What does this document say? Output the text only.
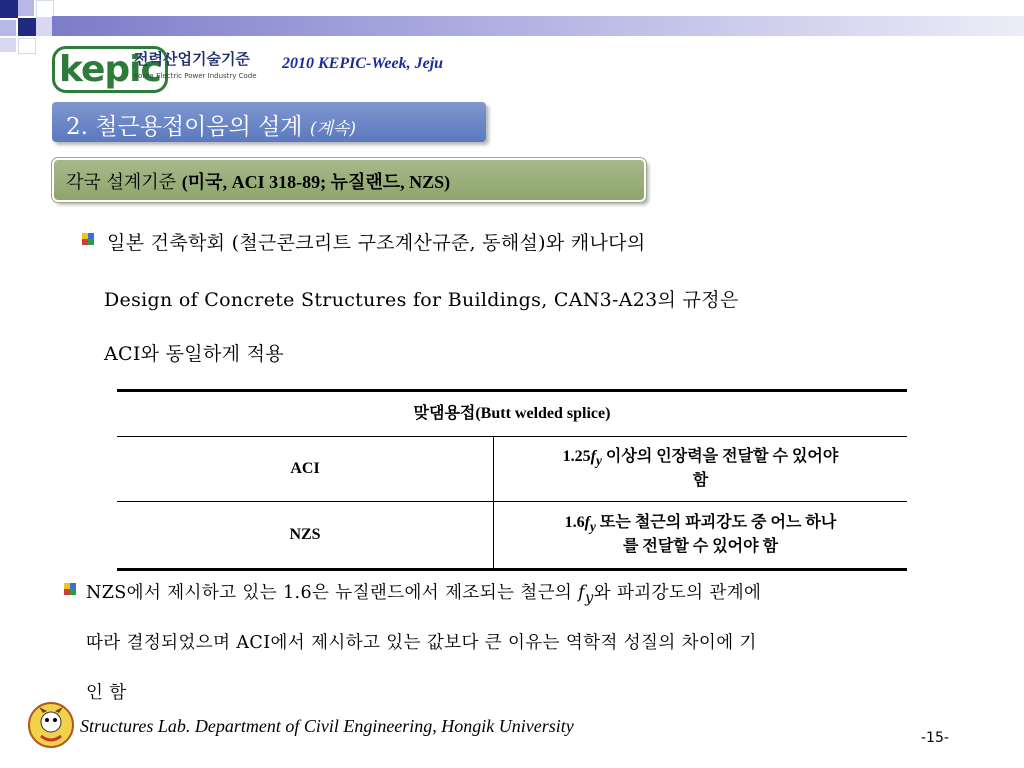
kepic
전력산업기술기준
Korea Electric Power Industry Code
2010 KEPIC-Week, Jeju
2. 철근용접이음의 설계 (계속)
각국 설계기준 (미국, ACI 318-89; 뉴질랜드, NZS)
일본 건축학회 (철근콘크리트 구조계산규준, 동해설)와 캐나다의
Design of Concrete Structures for Buildings, CAN3-A23의 규정은
ACI와 동일하게 적용
맞댐용접(Butt welded splice)	
ACI	$1.25f_y$ 이상의 인장력을 전달할 수 있어야
함
NZS	$1.6f_y$ 또는 철근의 파괴강도 중 어느 하나
를 전달할 수 있어야 함
NZS에서 제시하고 있는 1.6은 뉴질랜드에서 제조되는 철근의 $f_y$와 파괴강도의 관계에
따라 결정되었으며 ACI에서 제시하고 있는 값보다 큰 이유는 역학적 성질의 차이에 기
인 함
Structures Lab. Department of Civil Engineering, Hongik University
-15-
